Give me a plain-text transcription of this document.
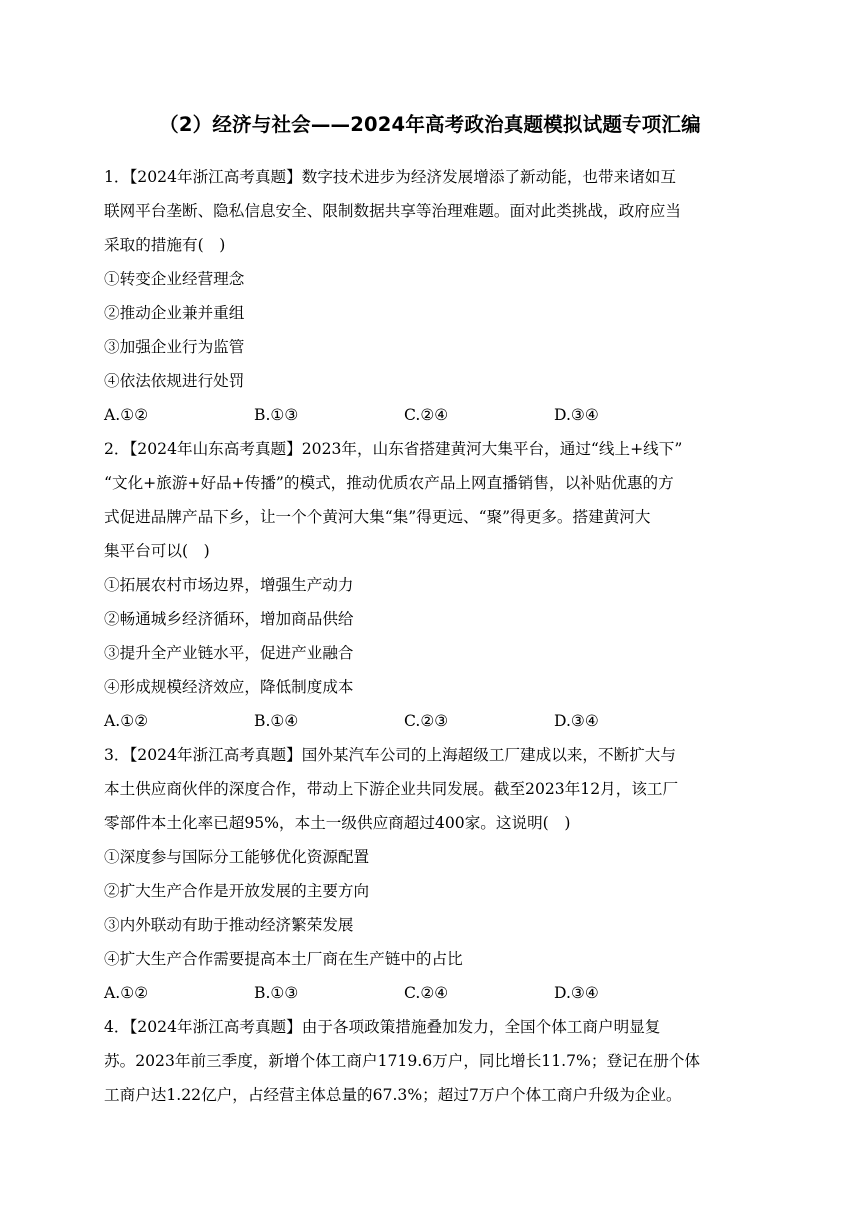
（2）经济与社会——2024年高考政治真题模拟试题专项汇编
1．【2024年浙江高考真题】数字技术进步为经济发展增添了新动能，也带来诸如互
联网平台垄断、隐私信息安全、限制数据共享等治理难题。面对此类挑战，政府应当
采取的措施有(　)
①转变企业经营理念
②推动企业兼并重组
③加强企业行为监管
④依法依规进行处罚
A.①②	B.①③	C.②④	D.③④
2．【2024年山东高考真题】2023年，山东省搭建黄河大集平台，通过“线上+线下”
“文化+旅游+好品+传播”的模式，推动优质农产品上网直播销售，以补贴优惠的方
式促进品牌产品下乡，让一个个黄河大集“集”得更远、“聚”得更多。搭建黄河大
集平台可以(　)
①拓展农村市场边界，增强生产动力
②畅通城乡经济循环，增加商品供给
③提升全产业链水平，促进产业融合
④形成规模经济效应，降低制度成本
A.①②	B.①④	C.②③	D.③④
3．【2024年浙江高考真题】国外某汽车公司的上海超级工厂建成以来，不断扩大与
本土供应商伙伴的深度合作，带动上下游企业共同发展。截至2023年12月，该工厂
零部件本土化率已超95%，本土一级供应商超过400家。这说明(　)
①深度参与国际分工能够优化资源配置
②扩大生产合作是开放发展的主要方向
③内外联动有助于推动经济繁荣发展
④扩大生产合作需要提高本土厂商在生产链中的占比
A.①②	B.①③	C.②④	D.③④
4．【2024年浙江高考真题】由于各项政策措施叠加发力，全国个体工商户明显复
苏。2023年前三季度，新增个体工商户1719.6万户，同比增长11.7%；登记在册个体
工商户达1.22亿户，占经营主体总量的67.3%；超过7万户个体工商户升级为企业。
